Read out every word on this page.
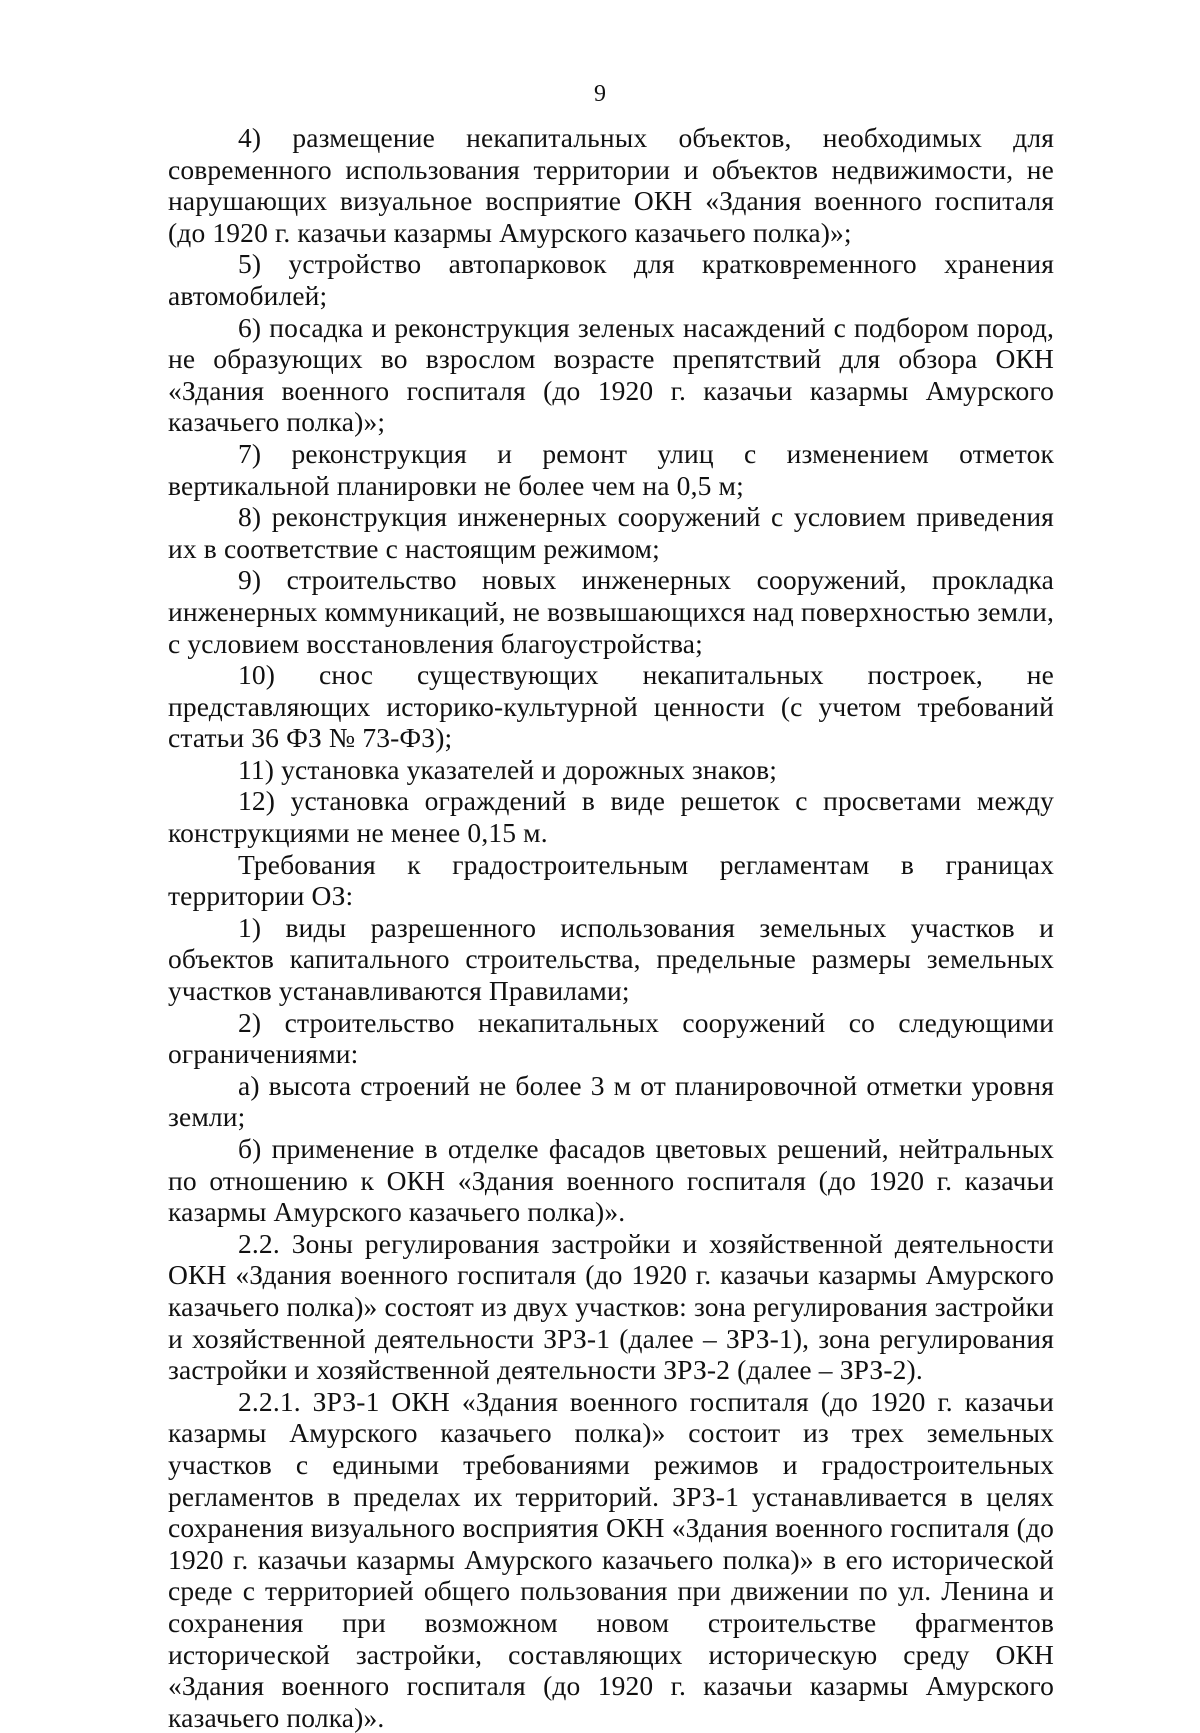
9

4) размещение некапитальных объектов, необходимых для современного использования территории и объектов недвижимости, не нарушающих визуальное восприятие ОКН «Здания военного госпиталя (до 1920 г. казачьи казармы Амурского казачьего полка)»;

5) устройство автопарковок для кратковременного хранения автомобилей;

6) посадка и реконструкция зеленых насаждений с подбором пород, не образующих во взрослом возрасте препятствий для обзора ОКН «Здания военного госпиталя (до 1920 г. казачьи казармы Амурского казачьего полка)»;

7) реконструкция и ремонт улиц с изменением отметок вертикальной планировки не более чем на 0,5 м;

8) реконструкция инженерных сооружений с условием приведения их в соответствие с настоящим режимом;

9) строительство новых инженерных сооружений, прокладка инженерных коммуникаций, не возвышающихся над поверхностью земли, с условием восстановления благоустройства;

10) снос существующих некапитальных построек, не представляющих историко-культурной ценности (с учетом требований статьи 36 ФЗ № 73-ФЗ);

11) установка указателей и дорожных знаков;

12) установка ограждений в виде решеток с просветами между конструкциями не менее 0,15 м.

Требования к градостроительным регламентам в границах территории ОЗ:

1) виды разрешенного использования земельных участков и объектов капитального строительства, предельные размеры земельных участков устанавливаются Правилами;

2) строительство некапитальных сооружений со следующими ограничениями:

а) высота строений не более 3 м от планировочной отметки уровня земли;

б) применение в отделке фасадов цветовых решений, нейтральных по отношению к ОКН «Здания военного госпиталя (до 1920 г. казачьи казармы Амурского казачьего полка)».

2.2. Зоны регулирования застройки и хозяйственной деятельности ОКН «Здания военного госпиталя (до 1920 г. казачьи казармы Амурского казачьего полка)» состоят из двух участков: зона регулирования застройки и хозяйственной деятельности ЗРЗ-1 (далее – ЗРЗ-1), зона регулирования застройки и хозяйственной деятельности ЗРЗ-2 (далее – ЗРЗ-2).

2.2.1. ЗРЗ-1 ОКН «Здания военного госпиталя (до 1920 г. казачьи казармы Амурского казачьего полка)» состоит из трех земельных участков с едиными требованиями режимов и градостроительных регламентов в пределах их территорий. ЗРЗ-1 устанавливается в целях сохранения визуального восприятия ОКН «Здания военного госпиталя (до 1920 г. казачьи казармы Амурского казачьего полка)» в его исторической среде с территорией общего пользования при движении по ул. Ленина и сохранения при возможном новом строительстве фрагментов исторической застройки, составляющих историческую среду ОКН «Здания военного госпиталя (до 1920 г. казачьи казармы Амурского казачьего полка)».
